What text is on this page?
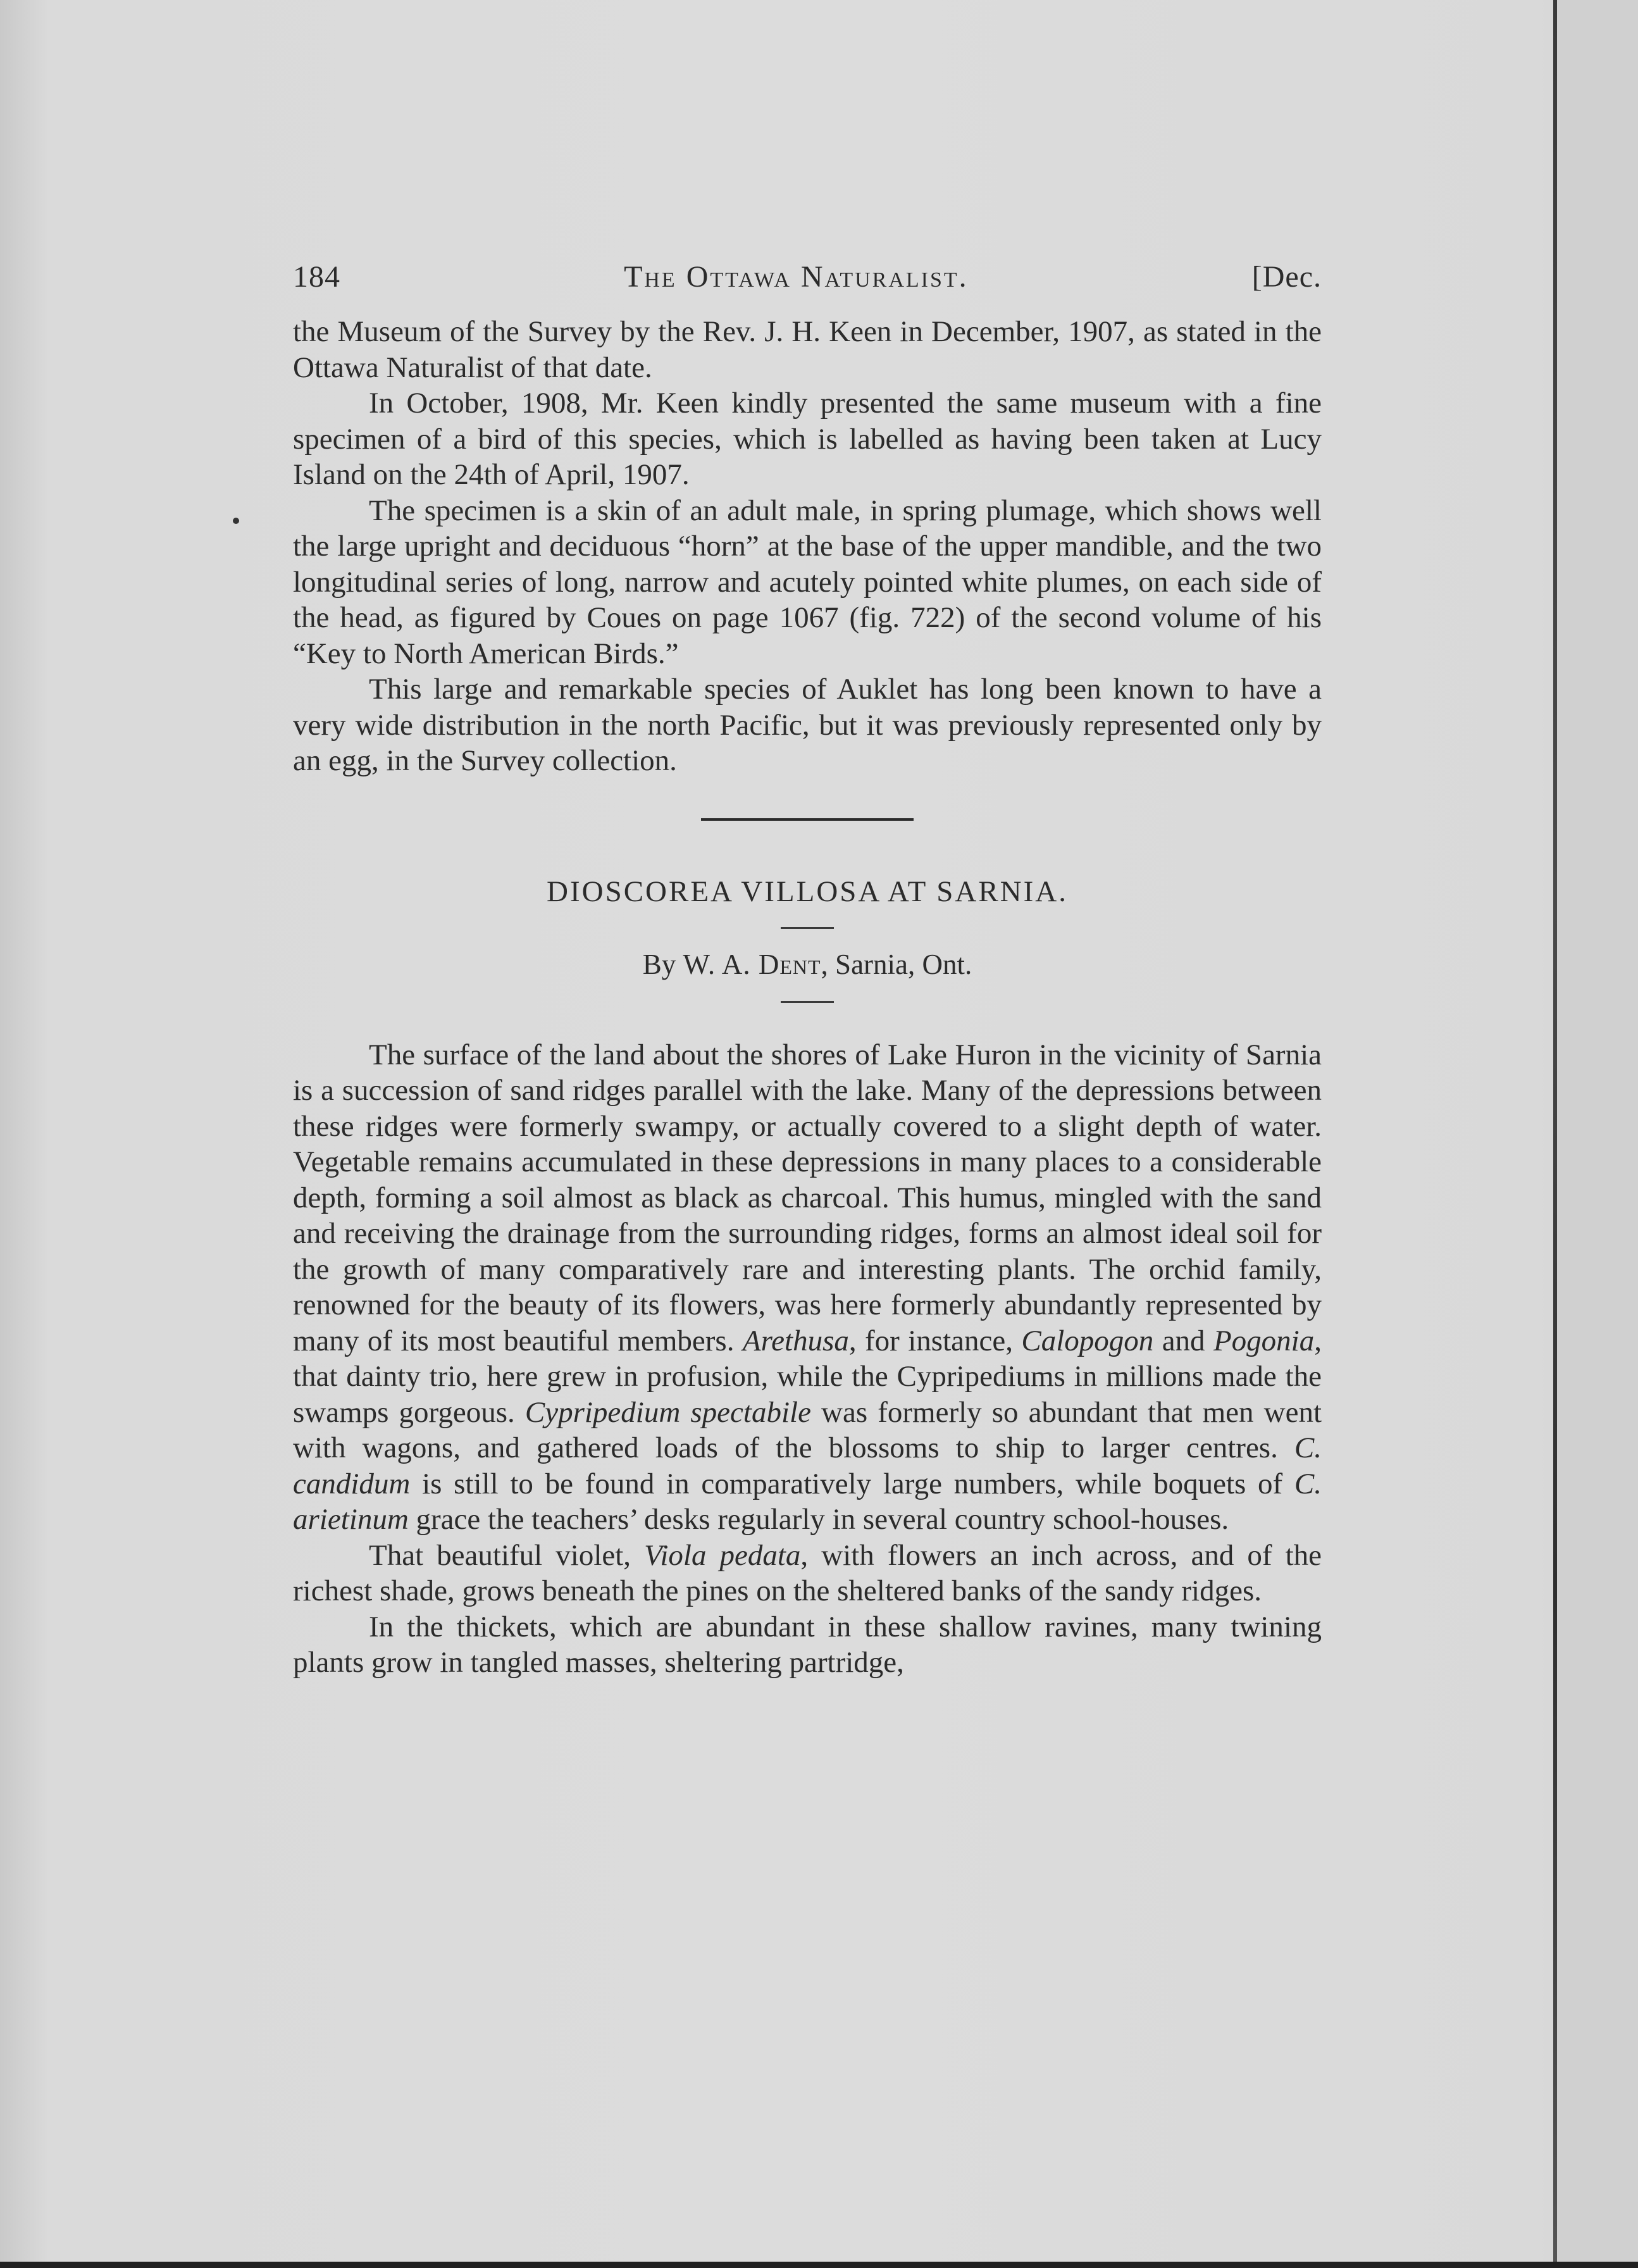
184	The Ottawa Naturalist.	[Dec.

the Museum of the Survey by the Rev. J. H. Keen in December, 1907, as stated in the Ottawa Naturalist of that date.

In October, 1908, Mr. Keen kindly presented the same museum with a fine specimen of a bird of this species, which is labelled as having been taken at Lucy Island on the 24th of April, 1907.

The specimen is a skin of an adult male, in spring plumage, which shows well the large upright and deciduous “horn” at the base of the upper mandible, and the two longitudinal series of long, narrow and acutely pointed white plumes, on each side of the head, as figured by Coues on page 1067 (fig. 722) of the second volume of his “Key to North American Birds.”

This large and remarkable species of Auklet has long been known to have a very wide distribution in the north Pacific, but it was previously represented only by an egg, in the Survey collection.

DIOSCOREA VILLOSA AT SARNIA.
By W. A. Dent, Sarnia, Ont.

The surface of the land about the shores of Lake Huron in the vicinity of Sarnia is a succession of sand ridges parallel with the lake. Many of the depressions between these ridges were formerly swampy, or actually covered to a slight depth of water. Vegetable remains accumulated in these depressions in many places to a considerable depth, forming a soil almost as black as charcoal. This humus, mingled with the sand and receiving the drainage from the surrounding ridges, forms an almost ideal soil for the growth of many comparatively rare and interesting plants. The orchid family, renowned for the beauty of its flowers, was here formerly abundantly represented by many of its most beautiful members. Arethusa, for instance, Calopogon and Pogonia, that dainty trio, here grew in profusion, while the Cypripediums in millions made the swamps gorgeous. Cypripedium spectabile was formerly so abundant that men went with wagons, and gathered loads of the blossoms to ship to larger centres. C. candidum is still to be found in comparatively large numbers, while boquets of C. arietinum grace the teachers’ desks regularly in several country school-houses.

That beautiful violet, Viola pedata, with flowers an inch across, and of the richest shade, grows beneath the pines on the sheltered banks of the sandy ridges.

In the thickets, which are abundant in these shallow ravines, many twining plants grow in tangled masses, sheltering partridge,
